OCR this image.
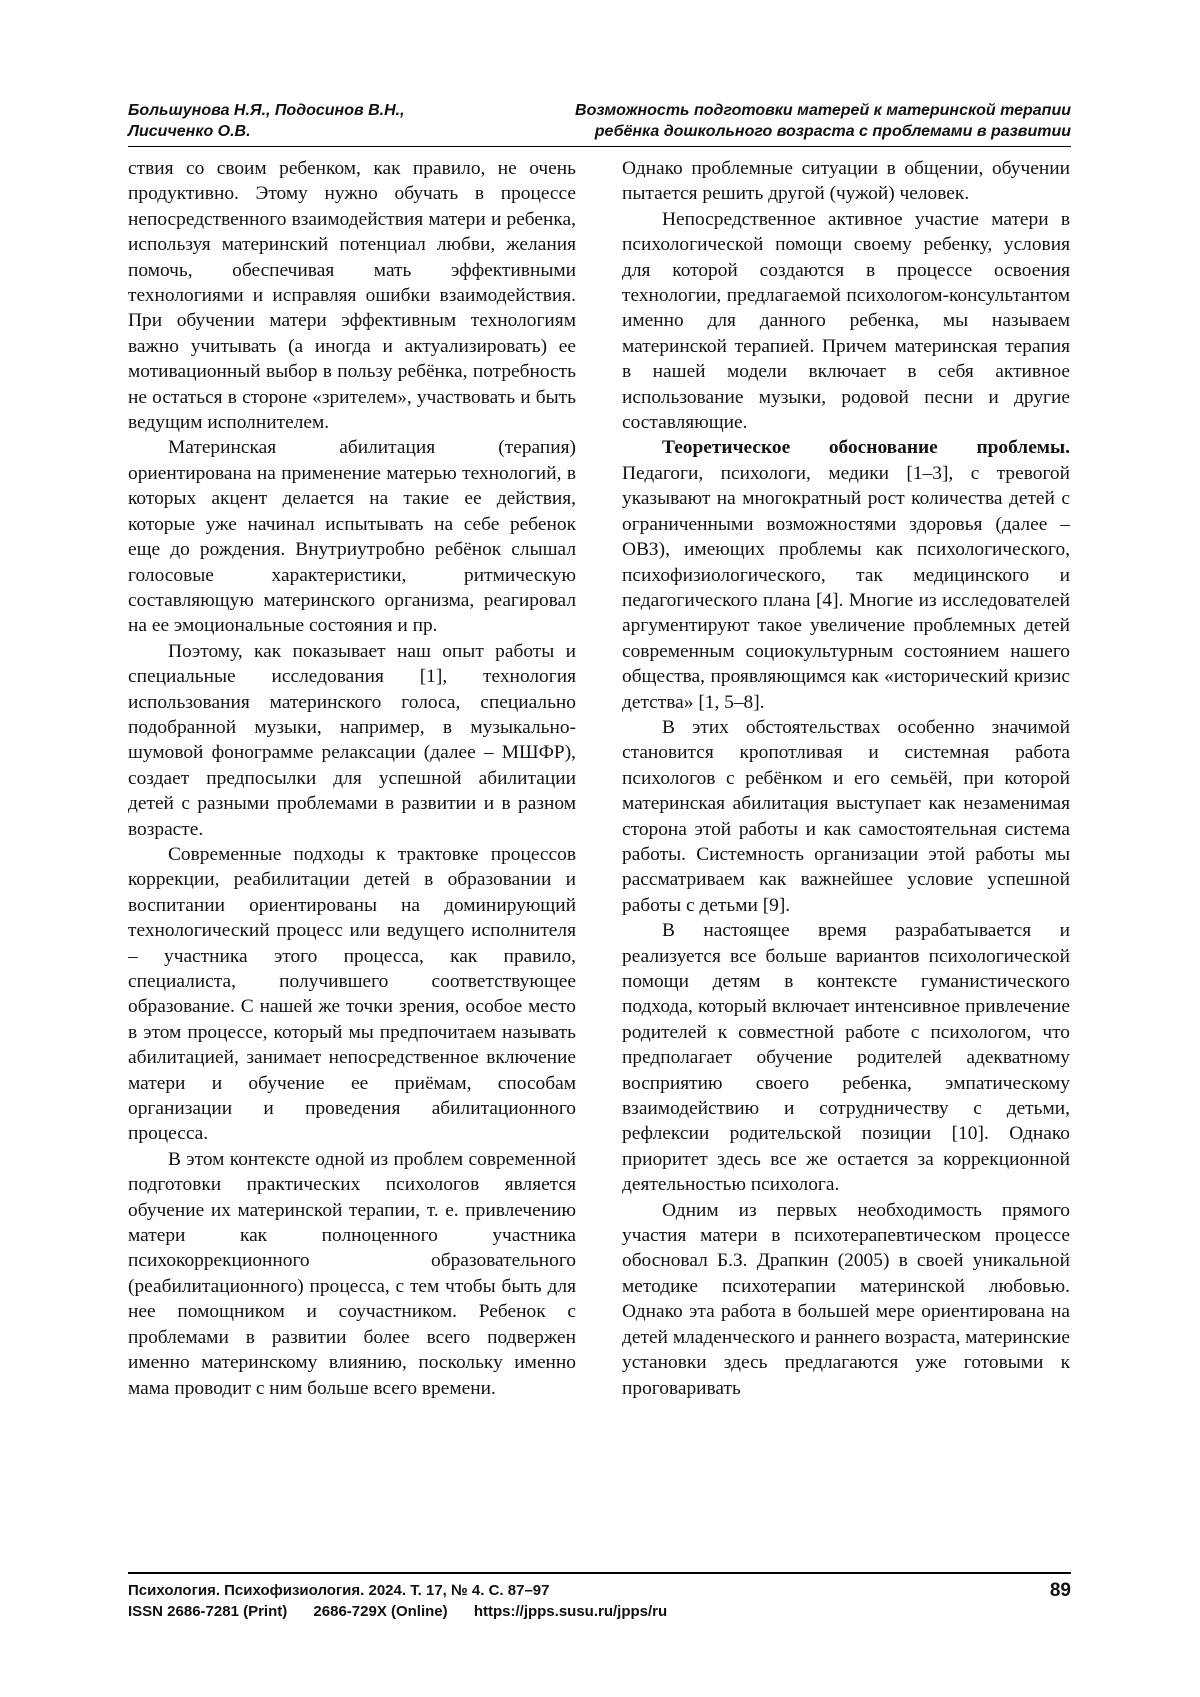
Большунова Н.Я., Подосинов В.Н.,
Лисиченко О.В.
Возможность подготовки матерей к материнской терапии
ребёнка дошкольного возраста с проблемами в развитии

ствия со своим ребенком, как правило, не очень продуктивно. Этому нужно обучать в процессе непосредственного взаимодействия матери и ребенка, используя материнский потенциал любви, желания помочь, обеспечивая мать эффективными технологиями и исправляя ошибки взаимодействия. При обучении матери эффективным технологиям важно учитывать (а иногда и актуализировать) ее мотивационный выбор в пользу ребёнка, потребность не остаться в стороне «зрителем», участвовать и быть ведущим исполнителем.

Материнская абилитация (терапия) ориентирована на применение матерью технологий, в которых акцент делается на такие ее действия, которые уже начинал испытывать на себе ребенок еще до рождения. Внутриутробно ребёнок слышал голосовые характеристики, ритмическую составляющую материнского организма, реагировал на ее эмоциональные состояния и пр.

Поэтому, как показывает наш опыт работы и специальные исследования [1], технология использования материнского голоса, специально подобранной музыки, например, в музыкально-шумовой фонограмме релаксации (далее – МШФР), создает предпосылки для успешной абилитации детей с разными проблемами в развитии и в разном возрасте.

Современные подходы к трактовке процессов коррекции, реабилитации детей в образовании и воспитании ориентированы на доминирующий технологический процесс или ведущего исполнителя – участника этого процесса, как правило, специалиста, получившего соответствующее образование. С нашей же точки зрения, особое место в этом процессе, который мы предпочитаем называть абилитацией, занимает непосредственное включение матери и обучение ее приёмам, способам организации и проведения абилитационного процесса.

В этом контексте одной из проблем современной подготовки практических психологов является обучение их материнской терапии, т. е. привлечению матери как полноценного участника психокоррекционного образовательного (реабилитационного) процесса, с тем чтобы быть для нее помощником и соучастником. Ребенок с проблемами в развитии более всего подвержен именно материнскому влиянию, поскольку именно мама проводит с ним больше всего времени.

Однако проблемные ситуации в общении, обучении пытается решить другой (чужой) человек.

Непосредственное активное участие матери в психологической помощи своему ребенку, условия для которой создаются в процессе освоения технологии, предлагаемой психологом-консультантом именно для данного ребенка, мы называем материнской терапией. Причем материнская терапия в нашей модели включает в себя активное использование музыки, родовой песни и другие составляющие.

Теоретическое обоснование проблемы. Педагоги, психологи, медики [1–3], с тревогой указывают на многократный рост количества детей с ограниченными возможностями здоровья (далее – ОВЗ), имеющих проблемы как психологического, психофизиологического, так медицинского и педагогического плана [4]. Многие из исследователей аргументируют такое увеличение проблемных детей современным социокультурным состоянием нашего общества, проявляющимся как «исторический кризис детства» [1, 5–8].

В этих обстоятельствах особенно значимой становится кропотливая и системная работа психологов с ребёнком и его семьёй, при которой материнская абилитация выступает как незаменимая сторона этой работы и как самостоятельная система работы. Системность организации этой работы мы рассматриваем как важнейшее условие успешной работы с детьми [9].

В настоящее время разрабатывается и реализуется все больше вариантов психологической помощи детям в контексте гуманистического подхода, который включает интенсивное привлечение родителей к совместной работе с психологом, что предполагает обучение родителей адекватному восприятию своего ребенка, эмпатическому взаимодействию и сотрудничеству с детьми, рефлексии родительской позиции [10]. Однако приоритет здесь все же остается за коррекционной деятельностью психолога.

Одним из первых необходимость прямого участия матери в психотерапевтическом процессе обосновал Б.З. Драпкин (2005) в своей уникальной методике психотерапии материнской любовью. Однако эта работа в большей мере ориентирована на детей младенческого и раннего возраста, материнские установки здесь предлагаются уже готовыми к проговаривать

Психология. Психофизиология. 2024. Т. 17, № 4. С. 87–97
ISSN 2686-7281 (Print) 2686-729X (Online) https://jpps.susu.ru/jpps/ru
89
